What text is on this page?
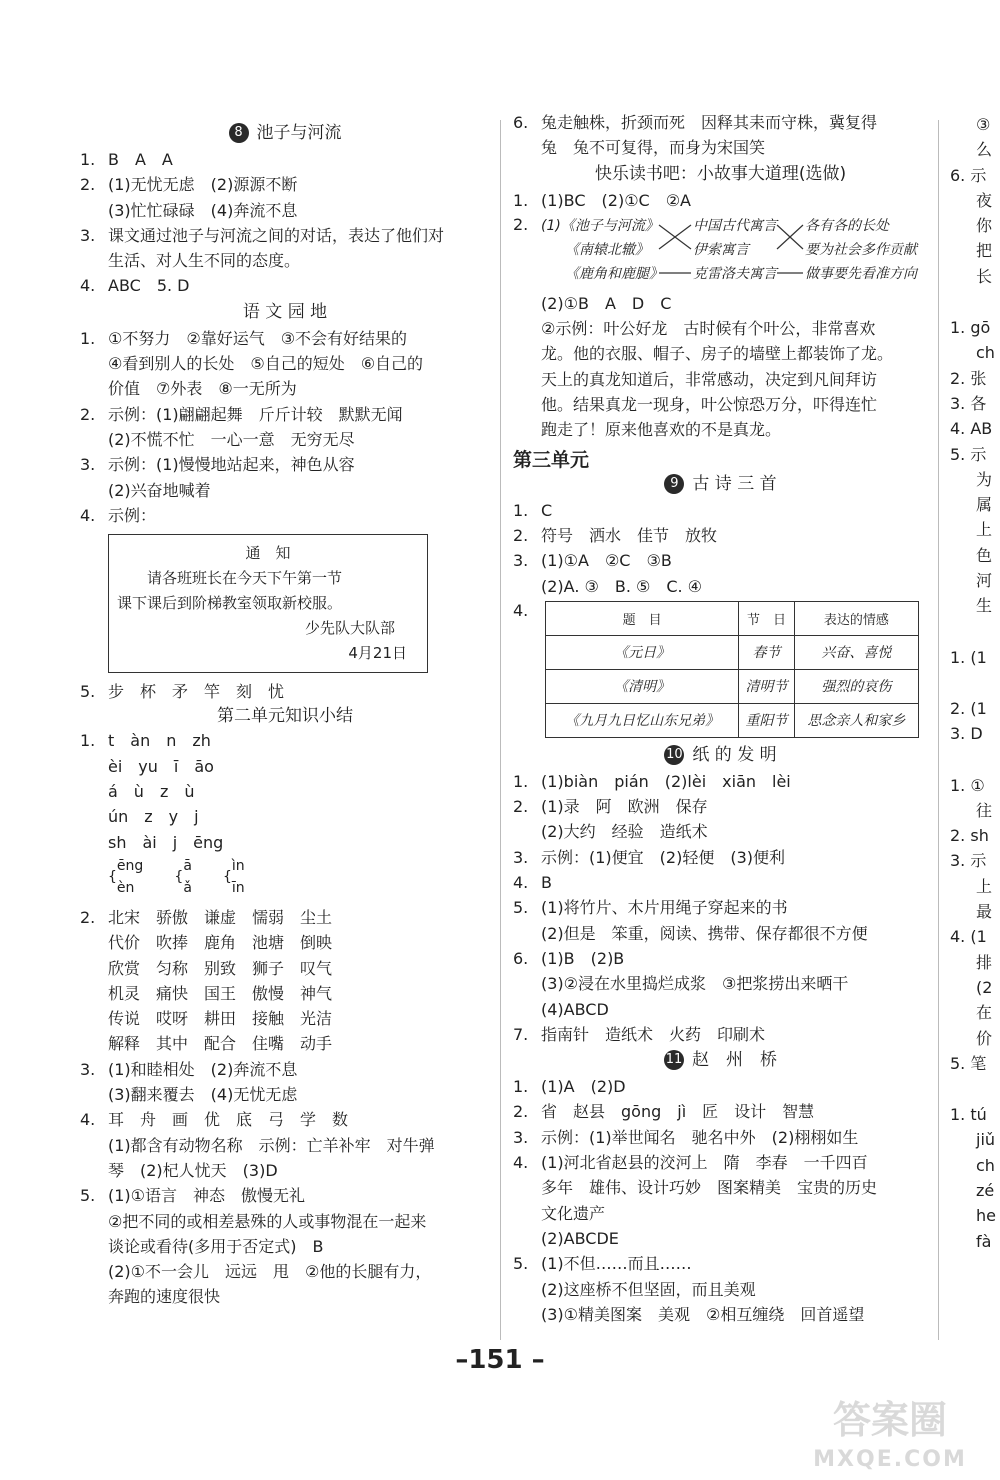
8 池子与河流
1. B　A　A
2. (1)无忧无虑　(2)源源不断
(3)忙忙碌碌　(4)奔流不息
3. 课文通过池子与河流之间的对话，表达了他们对
生活、对人生不同的态度。
4. ABC　5. D
语 文 园 地
1. ①不努力　②靠好运气　③不会有好结果的
④看到别人的长处　⑤自己的短处　⑥自己的
价值　⑦外表　⑧一无所为
2. 示例：(1)翩翩起舞　斤斤计较　默默无闻
(2)不慌不忙　一心一意　无穷无尽
3. 示例：(1)慢慢地站起来，神色从容
(2)兴奋地喊着
4. 示例：
通　知
请各班班长在今天下午第一节
课下课后到阶梯教室领取新校服。
少先队大队部
4月21日
5. 步　杯　矛　竿　刻　忧
第二单元知识小结
1. t　àn　n　zh
èi　yu　ī　āo
á　ù　z　ù
ún　z　y　j
sh　ài　j　ēng
{
ēng
èn
{
ā
ǎ
{
ìn
īn
2. 北宋　骄傲　谦虚　懦弱　尘土
代价　吹捧　鹿角　池塘　倒映
欣赏　匀称　别致　狮子　叹气
机灵　痛快　国王　傲慢　神气
传说　哎呀　耕田　接触　光洁
解释　其中　配合　住嘴　动手
3. (1)和睦相处　(2)奔流不息
(3)翻来覆去　(4)无忧无虑
4. 耳　舟　画　优　底　弓　学　数
(1)都含有动物名称　示例：亡羊补牢　对牛弹
琴　(2)杞人忧天　(3)D
5. (1)①语言　神态　傲慢无礼
②把不同的或相差悬殊的人或事物混在一起来
谈论或看待(多用于否定式)　B
(2)①不一会儿　远远　甩　②他的长腿有力，
奔跑的速度很快
6. 兔走触株，折颈而死　因释其耒而守株，冀复得
兔　兔不可复得，而身为宋国笑
快乐读书吧：小故事大道理(选做)
1. (1)BC　(2)①C　②A
2. (1)《池子与河流》 中国古代寓言 各有各的长处
《南辕北辙》	伊索寓言	要为社会多作贡献
《鹿角和鹿腿》 克雷洛夫寓言 做事要先看准方向
(2)①B　A　D　C
②示例：叶公好龙　古时候有个叶公，非常喜欢
龙。他的衣服、帽子、房子的墙壁上都装饰了龙。
天上的真龙知道后，非常感动，决定到凡间拜访
他。结果真龙一现身，叶公惊恐万分，吓得连忙
跑走了！原来他喜欢的不是真龙。
第三单元
9 古 诗 三 首
1. C
2. 符号　洒水　佳节　放牧
3. (1)①A　②C　③B
(2)A. ③　B. ⑤　C. ④
4.
题　目	节　日	表达的情感
《元日》	春节	兴奋、喜悦
《清明》	清明节	强烈的哀伤
《九月九日忆山东兄弟》	重阳节	思念亲人和家乡
10 纸 的 发 明
1. (1)biàn　pián　(2)lèi　xiān　lèi
2. (1)录　阿　欧洲　保存
(2)大约　经验　造纸术
3. 示例：(1)便宜　(2)轻便　(3)便利
4. B
5. (1)将竹片、木片用绳子穿起来的书
(2)但是　笨重，阅读、携带、保存都很不方便
6. (1)B　(2)B
(3)②浸在水里捣烂成浆　③把浆捞出来晒干
(4)ABCD
7. 指南针　造纸术　火药　印刷术
11 赵　州　桥
1. (1)A　(2)D
2. 省　赵县　gōng　jì　匠　设计　智慧
3. 示例：(1)举世闻名　驰名中外　(2)栩栩如生
4. (1)河北省赵县的洨河上　隋　李春　一千四百
多年　雄伟、设计巧妙　图案精美　宝贵的历史
文化遗产
(2)ABCDE
5. (1)不但……而且……
(2)这座桥不但坚固，而且美观
(3)①精美图案　美观　②相互缠绕　回首遥望
③
么
6. 示
夜
你
把
长
1. gō
ch
2. 张
3. 各
4. AB
5. 示
为
属
上
色
河
生
1. (1
2. (1
3. D
1. ①
往
2. sh
3. 示
上
最
4. (1
排
(2
在
价
5. 笔
1. tú
jiǔ
ch
zé
he
fà
–151 –
答案圈
MXQE.COM
